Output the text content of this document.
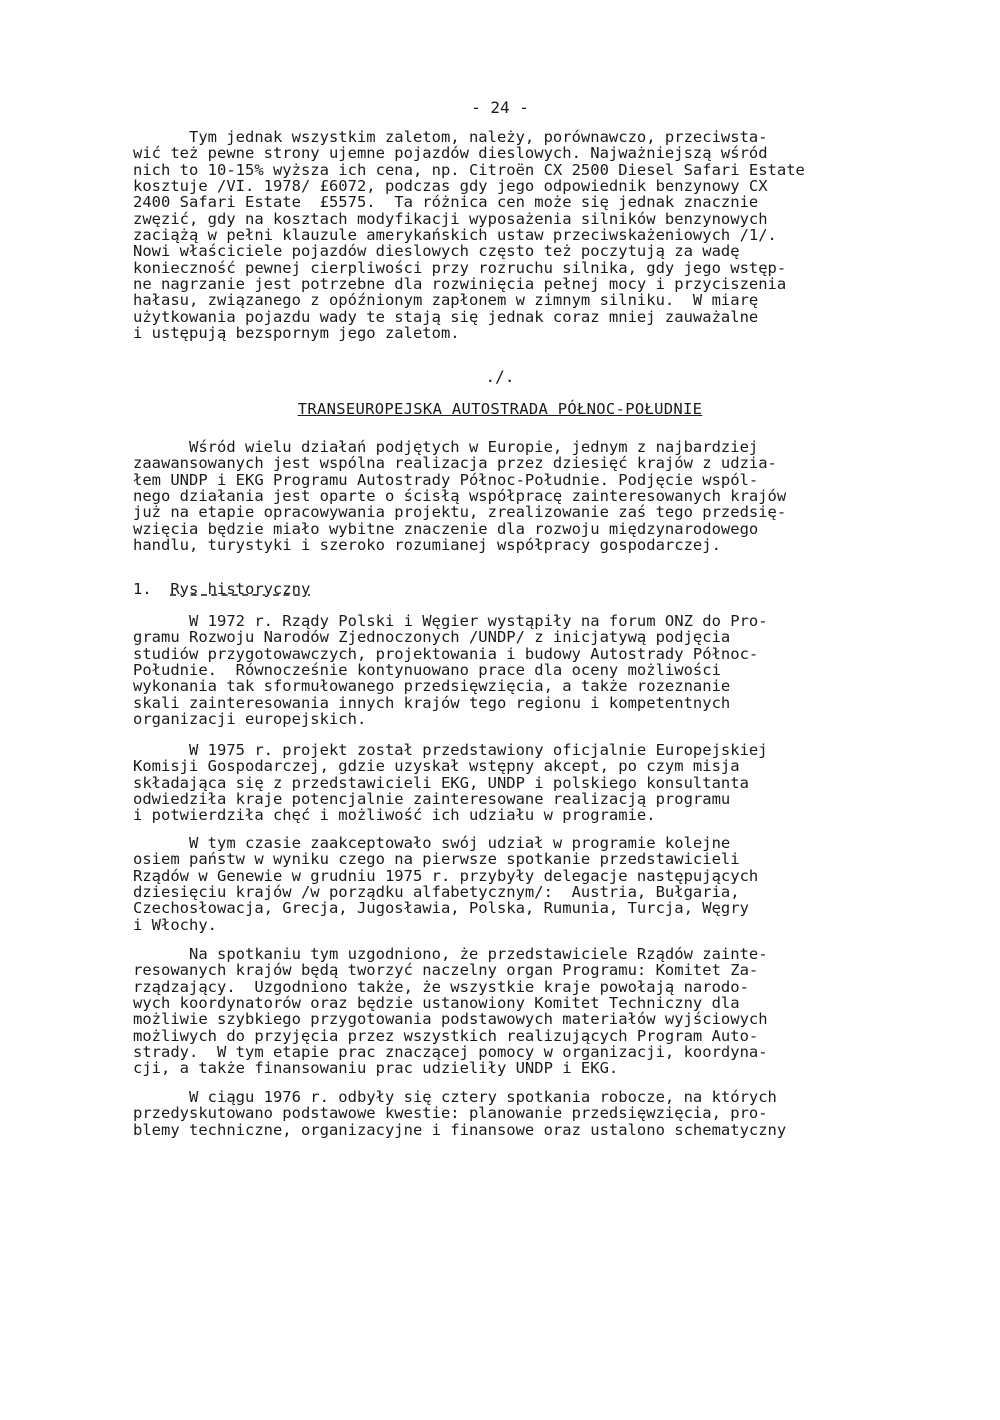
- 24 -
Tym jednak wszystkim zaletom, należy, porównawczo, przeciwsta-
wić też pewne strony ujemne pojazdów dieslowych. Najważniejszą wśród
nich to 10-15% wyższa ich cena, np. Citroën CX 2500 Diesel Safari Estate
kosztuje /VI. 1978/ £6072, podczas gdy jego odpowiednik benzynowy CX
2400 Safari Estate  £5575.  Ta różnica cen może się jednak znacznie
zwęzić, gdy na kosztach modyfikacji wyposażenia silników benzynowych
zaciążą w pełni klauzule amerykańskich ustaw przeciwskażeniowych /1/.
Nowi właściciele pojazdów dieslowych często też poczytują za wadę
konieczność pewnej cierpliwości przy rozruchu silnika, gdy jego wstęp-
ne nagrzanie jest potrzebne dla rozwinięcia pełnej mocy i przyciszenia
hałasu, związanego z opóźnionym zapłonem w zimnym silniku.  W miarę
użytkowania pojazdu wady te stają się jednak coraz mniej zauważalne
i ustępują bezspornym jego zaletom.
./.
TRANSEUROPEJSKA AUTOSTRADA PÓŁNOC-POŁUDNIE
Wśród wielu działań podjętych w Europie, jednym z najbardziej
zaawansowanych jest wspólna realizacja przez dziesięć krajów z udzia-
łem UNDP i EKG Programu Autostrady Północ-Południe. Podjęcie wspól-
nego działania jest oparte o ścisłą współpracę zainteresowanych krajów
już na etapie opracowywania projektu, zrealizowanie zaś tego przedsię-
wzięcia będzie miało wybitne znaczenie dla rozwoju międzynarodowego
handlu, turystyki i szeroko rozumianej współpracy gospodarczej.
1. Rys historyczny
W 1972 r. Rządy Polski i Węgier wystąpiły na forum ONZ do Pro-
gramu Rozwoju Narodów Zjednoczonych /UNDP/ z inicjatywą podjęcia
studiów przygotowawczych, projektowania i budowy Autostrady Północ-
Południe.  Równocześnie kontynuowano prace dla oceny możliwości
wykonania tak sformułowanego przedsięwzięcia, a także rozeznanie
skali zainteresowania innych krajów tego regionu i kompetentnych
organizacji europejskich.
W 1975 r. projekt został przedstawiony oficjalnie Europejskiej
Komisji Gospodarczej, gdzie uzyskał wstępny akcept, po czym misja
składająca się z przedstawicieli EKG, UNDP i polskiego konsultanta
odwiedziła kraje potencjalnie zainteresowane realizacją programu
i potwierdziła chęć i możliwość ich udziału w programie.
W tym czasie zaakceptowało swój udział w programie kolejne
osiem państw w wyniku czego na pierwsze spotkanie przedstawicieli
Rządów w Genewie w grudniu 1975 r. przybyły delegacje następujących
dziesięciu krajów /w porządku alfabetycznym/:  Austria, Bułgaria,
Czechosłowacja, Grecja, Jugosławia, Polska, Rumunia, Turcja, Węgry
i Włochy.
Na spotkaniu tym uzgodniono, że przedstawiciele Rządów zainte-
resowanych krajów będą tworzyć naczelny organ Programu: Komitet Za-
rządzający.  Uzgodniono także, że wszystkie kraje powołają narodo-
wych koordynatorów oraz będzie ustanowiony Komitet Techniczny dla
możliwie szybkiego przygotowania podstawowych materiałów wyjściowych
możliwych do przyjęcia przez wszystkich realizujących Program Auto-
strady.  W tym etapie prac znaczącej pomocy w organizacji, koordyna-
cji, a także finansowaniu prac udzieliły UNDP i EKG.
W ciągu 1976 r. odbyły się cztery spotkania robocze, na których
przedyskutowano podstawowe kwestie: planowanie przedsięwzięcia, pro-
blemy techniczne, organizacyjne i finansowe oraz ustalono schematyczny
